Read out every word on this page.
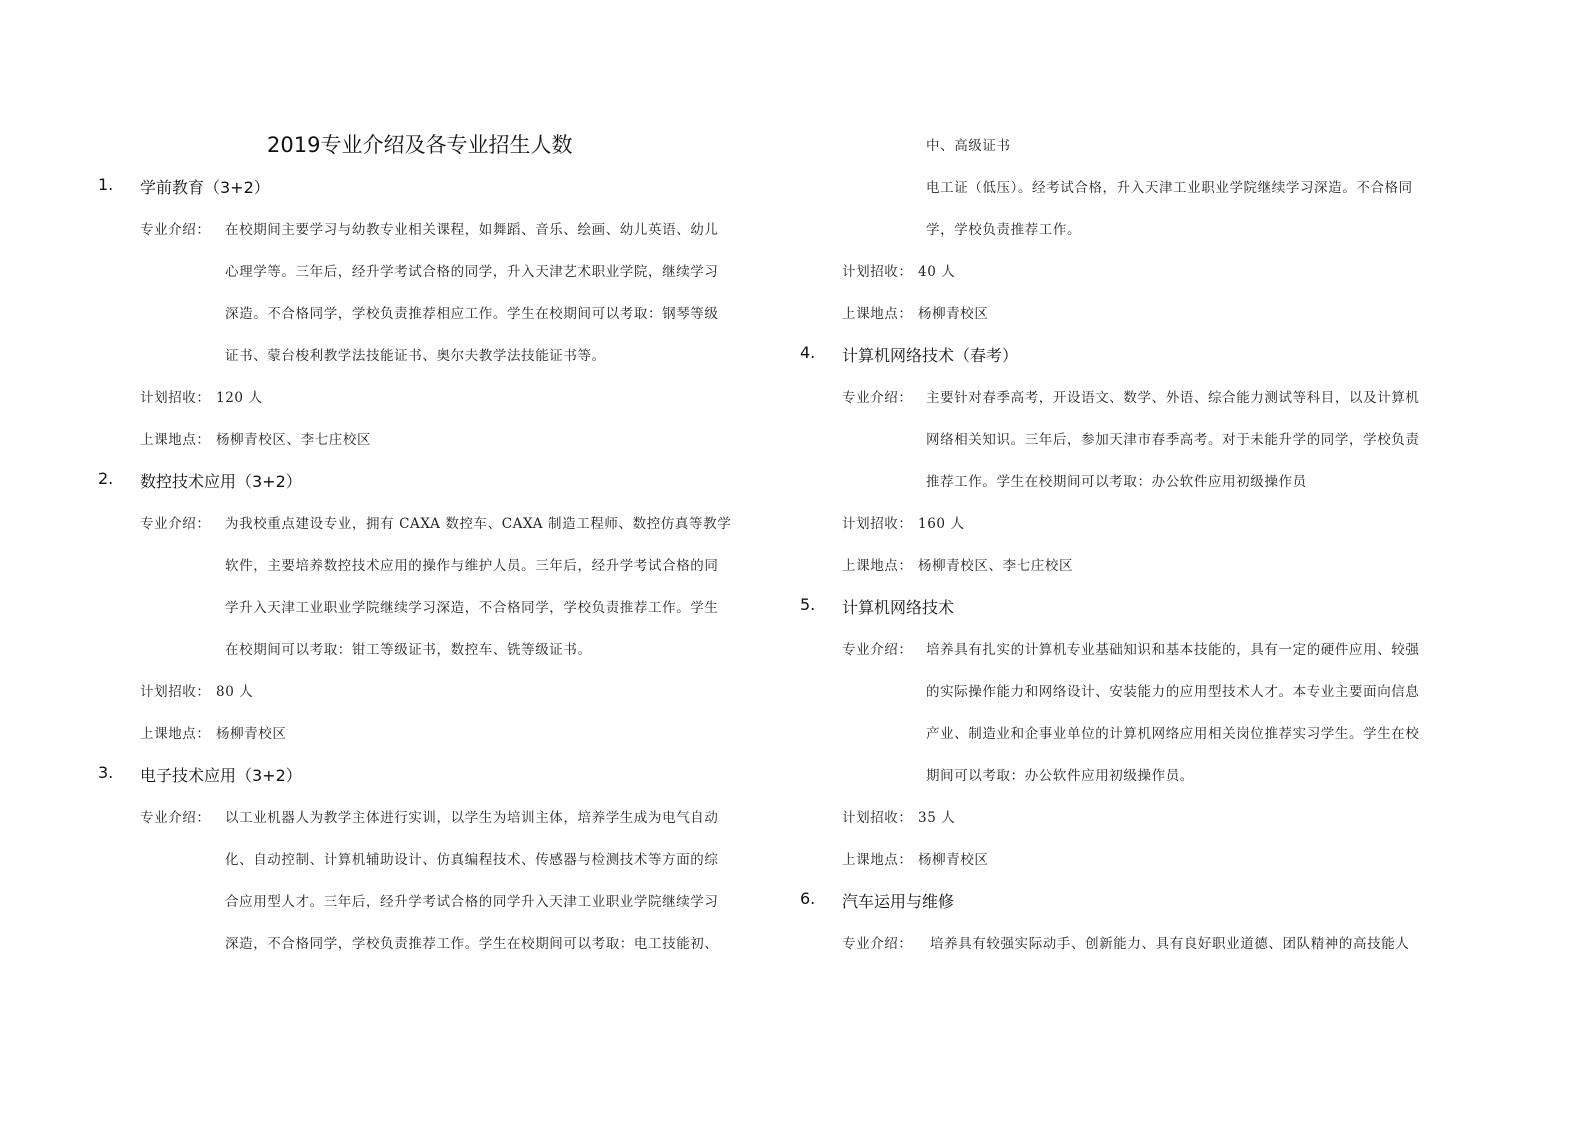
2019专业介绍及各专业招生人数
1. 学前教育（3+2）
专业介绍： 在校期间主要学习与幼教专业相关课程，如舞蹈、音乐、绘画、幼儿英语、幼儿
心理学等。三年后，经升学考试合格的同学，升入天津艺术职业学院，继续学习
深造。不合格同学，学校负责推荐相应工作。学生在校期间可以考取：钢琴等级
证书、蒙台梭利教学法技能证书、奥尔夫教学法技能证书等。
计划招收： 120 人
上课地点： 杨柳青校区、李七庄校区
2. 数控技术应用（3+2）
专业介绍： 为我校重点建设专业，拥有 CAXA 数控车、CAXA 制造工程师、数控仿真等教学
软件，主要培养数控技术应用的操作与维护人员。三年后，经升学考试合格的同
学升入天津工业职业学院继续学习深造，不合格同学，学校负责推荐工作。学生
在校期间可以考取：钳工等级证书，数控车、铣等级证书。
计划招收： 80 人
上课地点： 杨柳青校区
3. 电子技术应用（3+2）
专业介绍： 以工业机器人为教学主体进行实训，以学生为培训主体，培养学生成为电气自动
化、自动控制、计算机辅助设计、仿真编程技术、传感器与检测技术等方面的综
合应用型人才。三年后，经升学考试合格的同学升入天津工业职业学院继续学习
深造，不合格同学，学校负责推荐工作。学生在校期间可以考取：电工技能初、
中、高级证书
电工证（低压）。经考试合格，升入天津工业职业学院继续学习深造。不合格同
学，学校负责推荐工作。
计划招收： 40 人
上课地点： 杨柳青校区
4. 计算机网络技术（春考）
专业介绍： 主要针对春季高考，开设语文、数学、外语、综合能力测试等科目，以及计算机
网络相关知识。三年后，参加天津市春季高考。对于未能升学的同学，学校负责
推荐工作。学生在校期间可以考取：办公软件应用初级操作员
计划招收： 160 人
上课地点： 杨柳青校区、李七庄校区
5. 计算机网络技术
专业介绍： 培养具有扎实的计算机专业基础知识和基本技能的，具有一定的硬件应用、较强
的实际操作能力和网络设计、安装能力的应用型技术人才。本专业主要面向信息
产业、制造业和企事业单位的计算机网络应用相关岗位推荐实习学生。学生在校
期间可以考取：办公软件应用初级操作员。
计划招收： 35 人
上课地点： 杨柳青校区
6. 汽车运用与维修
专业介绍： 培养具有较强实际动手、创新能力、具有良好职业道德、团队精神的高技能人
